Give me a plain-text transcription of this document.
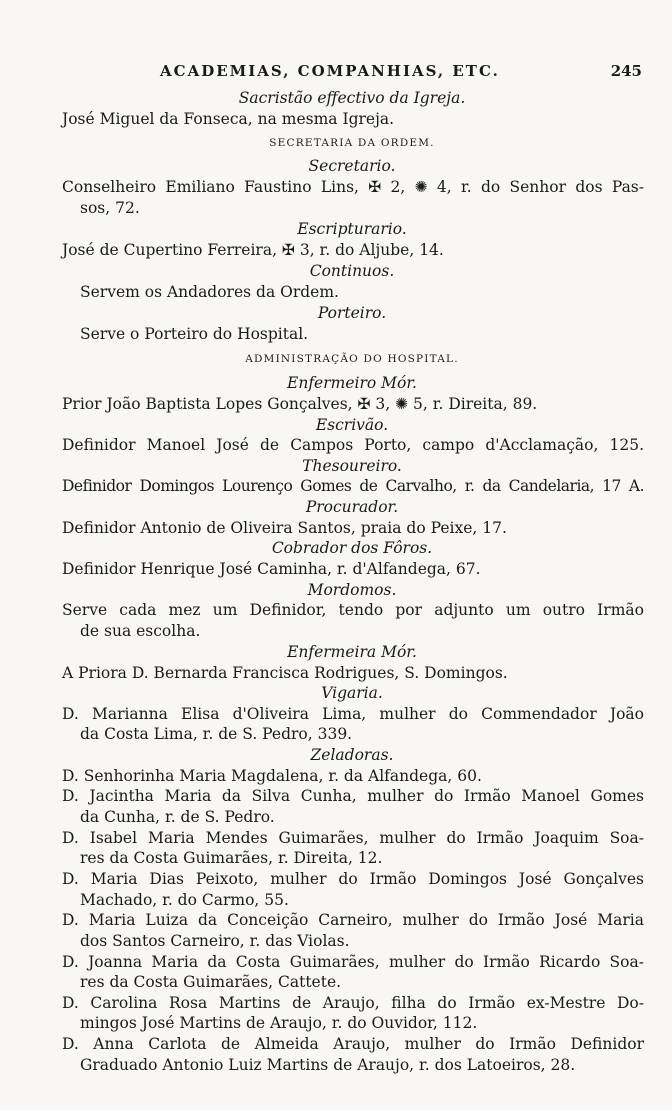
ACADEMIAS, COMPANHIAS, ETC.	245
Sacristão effectivo da Igreja.
José Miguel da Fonseca, na mesma Igreja.
SECRETARIA DA ORDEM.
Secretario.
Conselheiro Emiliano Faustino Lins, ✠ 2, ✺ 4, r. do Senhor dos Pas-
sos, 72.
Escripturario.
José de Cupertino Ferreira, ✠ 3, r. do Aljube, 14.
Continuos.
Servem os Andadores da Ordem.
Porteiro.
Serve o Porteiro do Hospital.
ADMINISTRAÇÃO DO HOSPITAL.
Enfermeiro Mór.
Prior João Baptista Lopes Gonçalves, ✠ 3, ✺ 5, r. Direita, 89.
Escrivão.
Definidor Manoel José de Campos Porto, campo d'Acclamação, 125.
Thesoureiro.
Definidor Domingos Lourenço Gomes de Carvalho, r. da Candelaria, 17 A.
Procurador.
Definidor Antonio de Oliveira Santos, praia do Peixe, 17.
Cobrador dos Fôros.
Definidor Henrique José Caminha, r. d'Alfandega, 67.
Mordomos.
Serve cada mez um Definidor, tendo por adjunto um outro Irmão
de sua escolha.
Enfermeira Mór.
A Priora D. Bernarda Francisca Rodrigues, S. Domingos.
Vigaria.
D. Marianna Elisa d'Oliveira Lima, mulher do Commendador João
da Costa Lima, r. de S. Pedro, 339.
Zeladoras.
D. Senhorinha Maria Magdalena, r. da Alfandega, 60.
D. Jacintha Maria da Silva Cunha, mulher do Irmão Manoel Gomes
da Cunha, r. de S. Pedro.
D. Isabel Maria Mendes Guimarães, mulher do Irmão Joaquim Soa-
res da Costa Guimarães, r. Direita, 12.
D. Maria Dias Peixoto, mulher do Irmão Domingos José Gonçalves
Machado, r. do Carmo, 55.
D. Maria Luiza da Conceição Carneiro, mulher do Irmão José Maria
dos Santos Carneiro, r. das Violas.
D. Joanna Maria da Costa Guimarães, mulher do Irmão Ricardo Soa-
res da Costa Guimarães, Cattete.
D. Carolina Rosa Martins de Araujo, filha do Irmão ex-Mestre Do-
mingos José Martins de Araujo, r. do Ouvidor, 112.
D. Anna Carlota de Almeida Araujo, mulher do Irmão Definidor
Graduado Antonio Luiz Martins de Araujo, r. dos Latoeiros, 28.
